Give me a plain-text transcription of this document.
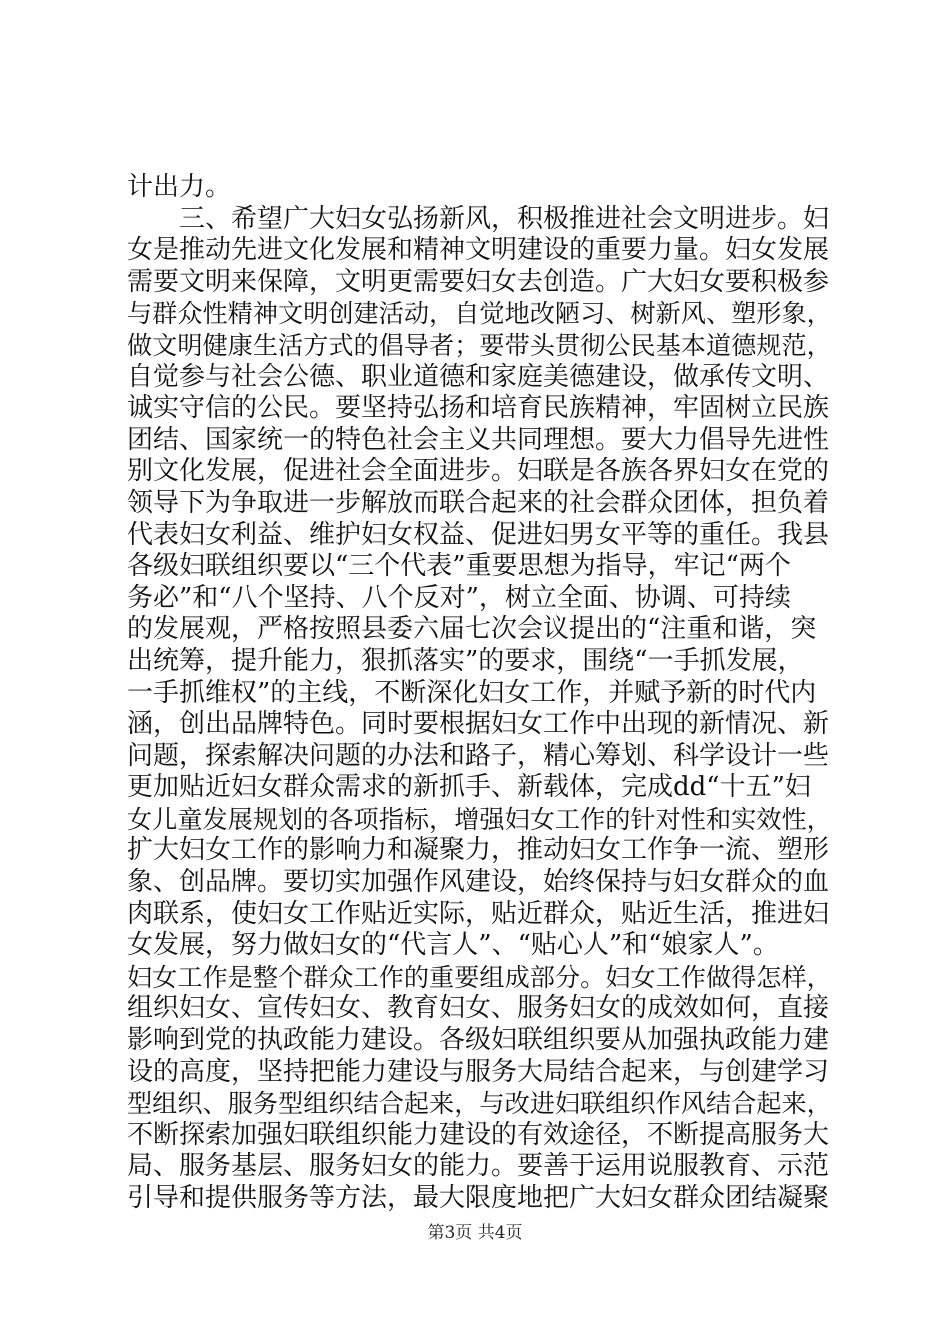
计出力。
三、希望广大妇女弘扬新风，积极推进社会文明进步。妇
女是推动先进文化发展和精神文明建设的重要力量。妇女发展
需要文明来保障，文明更需要妇女去创造。广大妇女要积极参
与群众性精神文明创建活动，自觉地改陋习、树新风、塑形象，
做文明健康生活方式的倡导者；要带头贯彻公民基本道德规范，
自觉参与社会公德、职业道德和家庭美德建设，做承传文明、
诚实守信的公民。要坚持弘扬和培育民族精神，牢固树立民族
团结、国家统一的特色社会主义共同理想。要大力倡导先进性
别文化发展，促进社会全面进步。妇联是各族各界妇女在党的
领导下为争取进一步解放而联合起来的社会群众团体，担负着
代表妇女利益、维护妇女权益、促进妇男女平等的重任。我县
各级妇联组织要以“三个代表”重要思想为指导，牢记“两个
务必”和“八个坚持、八个反对”，树立全面、协调、可持续
的发展观，严格按照县委六届七次会议提出的“注重和谐，突
出统筹，提升能力，狠抓落实”的要求，围绕“一手抓发展，
一手抓维权”的主线，不断深化妇女工作，并赋予新的时代内
涵，创出品牌特色。同时要根据妇女工作中出现的新情况、新
问题，探索解决问题的办法和路子，精心筹划、科学设计一些
更加贴近妇女群众需求的新抓手、新载体，完成dd“十五”妇
女儿童发展规划的各项指标，增强妇女工作的针对性和实效性，
扩大妇女工作的影响力和凝聚力，推动妇女工作争一流、塑形
象、创品牌。要切实加强作风建设，始终保持与妇女群众的血
肉联系，使妇女工作贴近实际，贴近群众，贴近生活，推进妇
女发展，努力做妇女的“代言人”、“贴心人”和“娘家人”。
妇女工作是整个群众工作的重要组成部分。妇女工作做得怎样，
组织妇女、宣传妇女、教育妇女、服务妇女的成效如何，直接
影响到党的执政能力建设。各级妇联组织要从加强执政能力建
设的高度，坚持把能力建设与服务大局结合起来，与创建学习
型组织、服务型组织结合起来，与改进妇联组织作风结合起来，
不断探索加强妇联组织能力建设的有效途径，不断提高服务大
局、服务基层、服务妇女的能力。要善于运用说服教育、示范
引导和提供服务等方法，最大限度地把广大妇女群众团结凝聚
第3页 共4页
